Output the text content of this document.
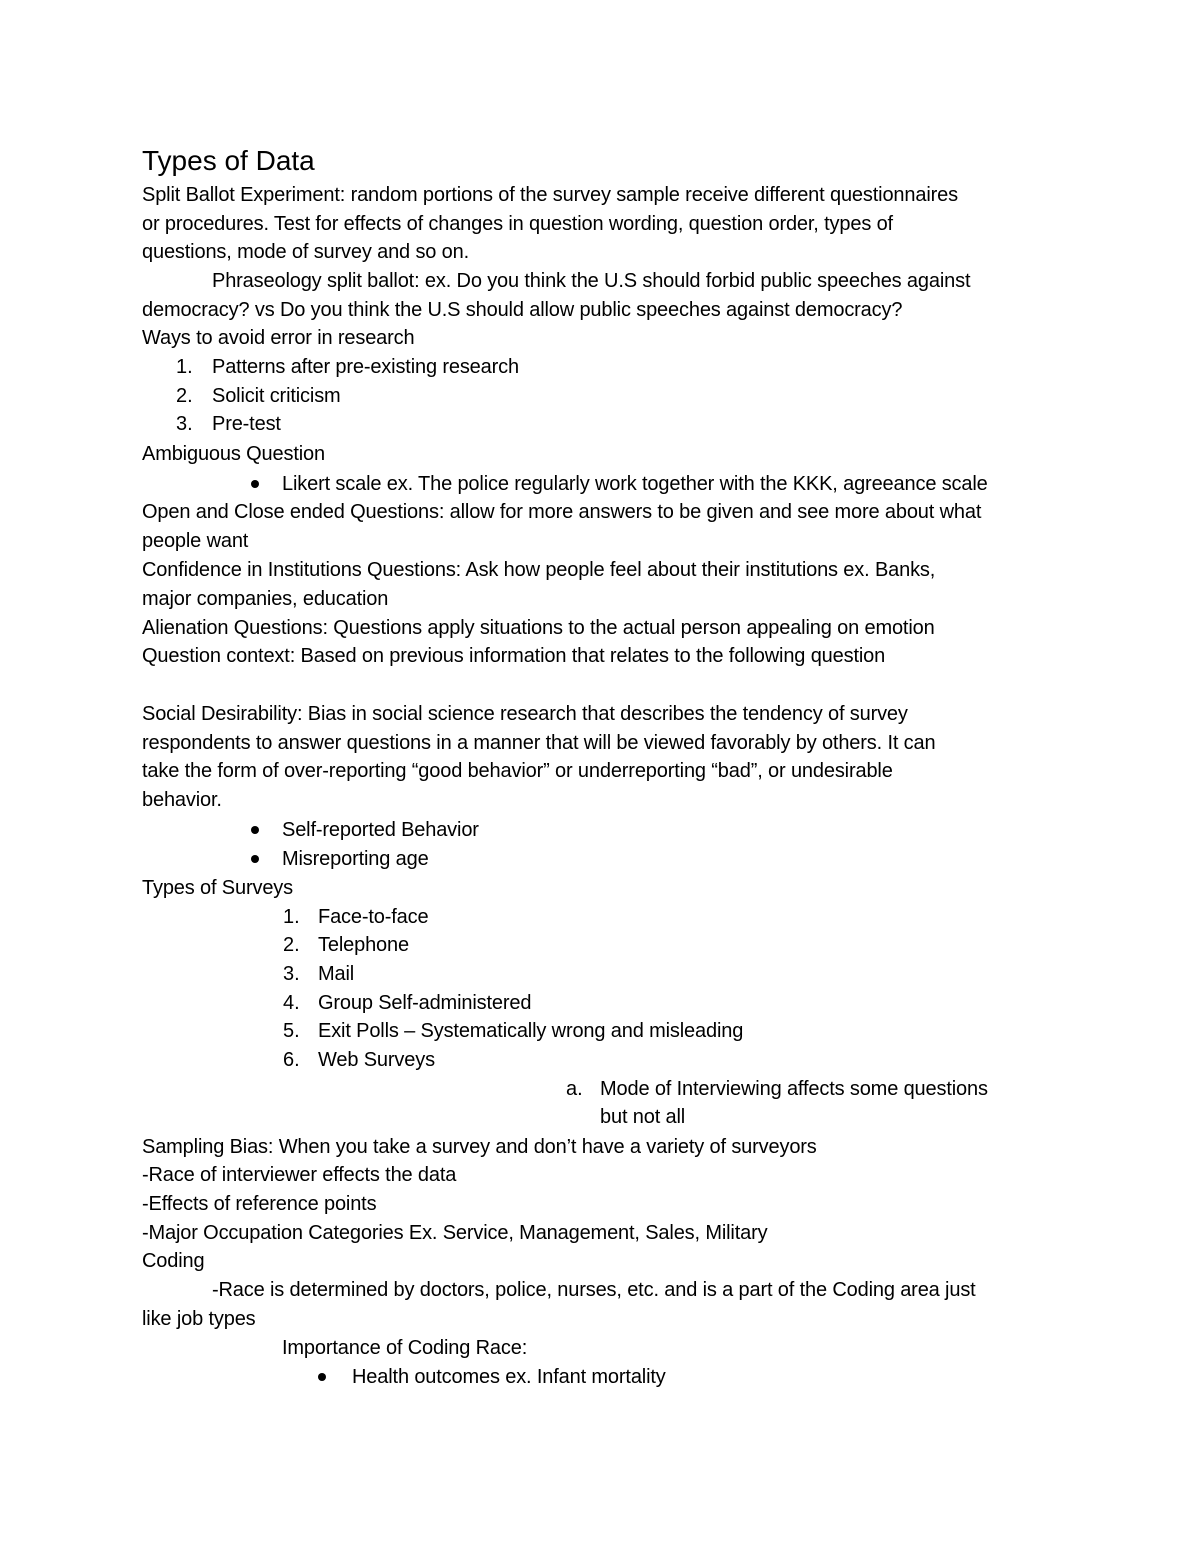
Types of Data

Split Ballot Experiment: random portions of the survey sample receive different questionnaires

or procedures. Test for effects of changes in question wording, question order, types of

questions, mode of survey and so on.

Phraseology split ballot: ex. Do you think the U.S should forbid public speeches against

democracy? vs Do you think the U.S should allow public speeches against democracy?

Ways to avoid error in research

1. Patterns after pre-existing research

2. Solicit criticism

3. Pre-test

Ambiguous Question

Likert scale ex. The police regularly work together with the KKK, agreeance scale

Open and Close ended Questions: allow for more answers to be given and see more about what

people want

Confidence in Institutions Questions: Ask how people feel about their institutions ex. Banks,

major companies, education

Alienation Questions: Questions apply situations to the actual person appealing on emotion

Question context: Based on previous information that relates to the following question

Social Desirability: Bias in social science research that describes the tendency of survey

respondents to answer questions in a manner that will be viewed favorably by others. It can

take the form of over-reporting “good behavior” or underreporting “bad”, or undesirable

behavior.

Self-reported Behavior

Misreporting age

Types of Surveys

1. Face-to-face

2. Telephone

3. Mail

4. Group Self-administered

5. Exit Polls – Systematically wrong and misleading

6. Web Surveys

a. Mode of Interviewing affects some questions

but not all

Sampling Bias: When you take a survey and don’t have a variety of surveyors

-Race of interviewer effects the data

-Effects of reference points

-Major Occupation Categories Ex. Service, Management, Sales, Military

Coding

-Race is determined by doctors, police, nurses, etc. and is a part of the Coding area just

like job types

Importance of Coding Race:

Health outcomes ex. Infant mortality
